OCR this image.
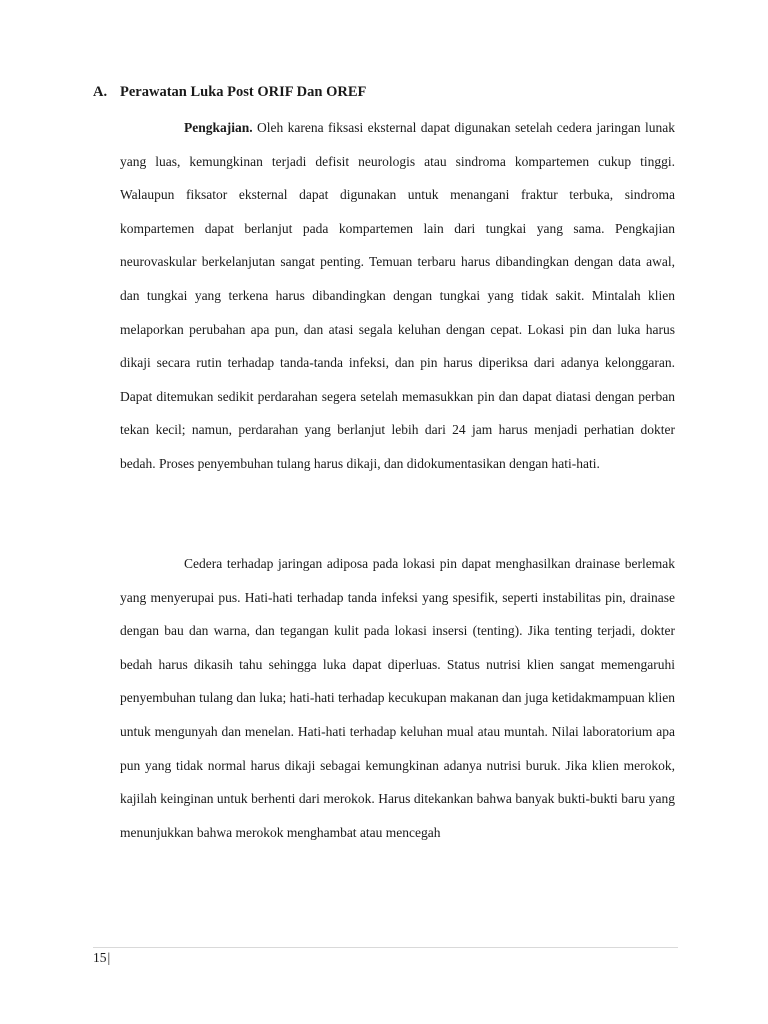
A. Perawatan Luka Post ORIF Dan OREF

Pengkajian. Oleh karena fiksasi eksternal dapat digunakan setelah cedera jaringan lunak yang luas, kemungkinan terjadi defisit neurologis atau sindroma kompartemen cukup tinggi. Walaupun fiksator eksternal dapat digunakan untuk menangani fraktur terbuka, sindroma kompartemen dapat berlanjut pada kompartemen lain dari tungkai yang sama. Pengkajian neurovaskular berkelanjutan sangat penting. Temuan terbaru harus dibandingkan dengan data awal, dan tungkai yang terkena harus dibandingkan dengan tungkai yang tidak sakit. Mintalah klien melaporkan perubahan apa pun, dan atasi segala keluhan dengan cepat. Lokasi pin dan luka harus dikaji secara rutin terhadap tanda-tanda infeksi, dan pin harus diperiksa dari adanya kelonggaran. Dapat ditemukan sedikit perdarahan segera setelah memasukkan pin dan dapat diatasi dengan perban tekan kecil; namun, perdarahan yang berlanjut lebih dari 24 jam harus menjadi perhatian dokter bedah. Proses penyembuhan tulang harus dikaji, dan didokumentasikan dengan hati-hati.

Cedera terhadap jaringan adiposa pada lokasi pin dapat menghasilkan drainase berlemak yang menyerupai pus. Hati-hati terhadap tanda infeksi yang spesifik, seperti instabilitas pin, drainase dengan bau dan warna, dan tegangan kulit pada lokasi insersi (tenting). Jika tenting terjadi, dokter bedah harus dikasih tahu sehingga luka dapat diperluas. Status nutrisi klien sangat memengaruhi penyembuhan tulang dan luka; hati-hati terhadap kecukupan makanan dan juga ketidakmampuan klien untuk mengunyah dan menelan. Hati-hati terhadap keluhan mual atau muntah. Nilai laboratorium apa pun yang tidak normal harus dikaji sebagai kemungkinan adanya nutrisi buruk. Jika klien merokok, kajilah keinginan untuk berhenti dari merokok. Harus ditekankan bahwa banyak bukti-bukti baru yang menunjukkan bahwa merokok menghambat atau mencegah

15|
